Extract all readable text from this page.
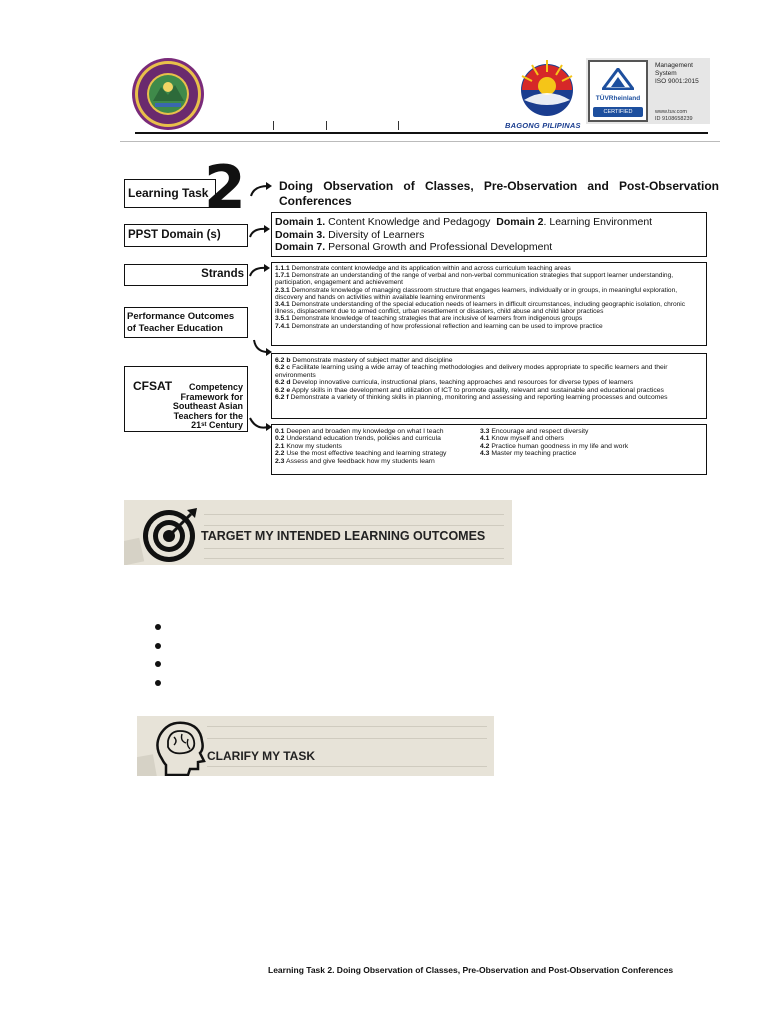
BAGONG PILIPINAS
TÜVRheinland
CERTIFIED
Management
System
ISO 9001:2015
www.tuv.com
ID 9108658239
Learning Task
2	Doing Observation of Classes, Pre-Observation and Post-Observation Conferences
PPST Domain (s)
Domain 1. Content Knowledge and Pedagogy Domain 2. Learning Environment
Domain 3. Diversity of Learners
Domain 7. Personal Growth and Professional Development
Strands	1.1.1 Demonstrate content knowledge and its application within and across curriculum teaching areas
1.7.1 Demonstrate an understanding of the range of verbal and non-verbal communication strategies that support learner understanding, participation, engagement and achievement
2.3.1 Demonstrate knowledge of managing classroom structure that engages learners, individually or in groups, in meaningful exploration, discovery and hands on activities within available learning environments
3.4.1 Demonstrate understanding of the special education needs of learners in difficult circumstances, including geographic isolation, chronic illness, displacement due to armed conflict, urban resettlement or disasters, child abuse and child labor practices
3.5.1 Demonstrate knowledge of teaching strategies that are inclusive of learners from indigenous groups
7.4.1 Demonstrate an understanding of how professional reflection and learning can be used to improve practice
Performance Outcomes of Teacher Education
6.2 b Demonstrate mastery of subject matter and discipline
6.2 c Facilitate learning using a wide array of teaching methodologies and delivery modes appropriate to specific learners and their environments
6.2 d Develop innovative curricula, instructional plans, teaching approaches and resources for diverse types of learners
6.2 e Apply skills in thae development and utilization of ICT to promote quality, relevant and sustainable and educational practices
6.2 f Demonstrate a variety of thinking skills in planning, monitoring and assessing and reporting learning processes and outcomes
CFSAT	Competency Framework for Southeast Asian Teachers for the 21ˢᵗ Century
0.1 Deepen and broaden my knowledge on what I teach
0.2 Understand education trends, policies and curricula
2.1 Know my students
2.2 Use the most effective teaching and learning strategy
2.3 Assess and give feedback how my students learn
3.3 Encourage and respect diversity
4.1 Know myself and others
4.2 Practice human goodness in my life and work
4.3 Master my teaching practice
TARGET MY INTENDED LEARNING OUTCOMES
CLARIFY MY TASK
Learning Task 2. Doing Observation of Classes, Pre-Observation and Post-Observation Conferences
